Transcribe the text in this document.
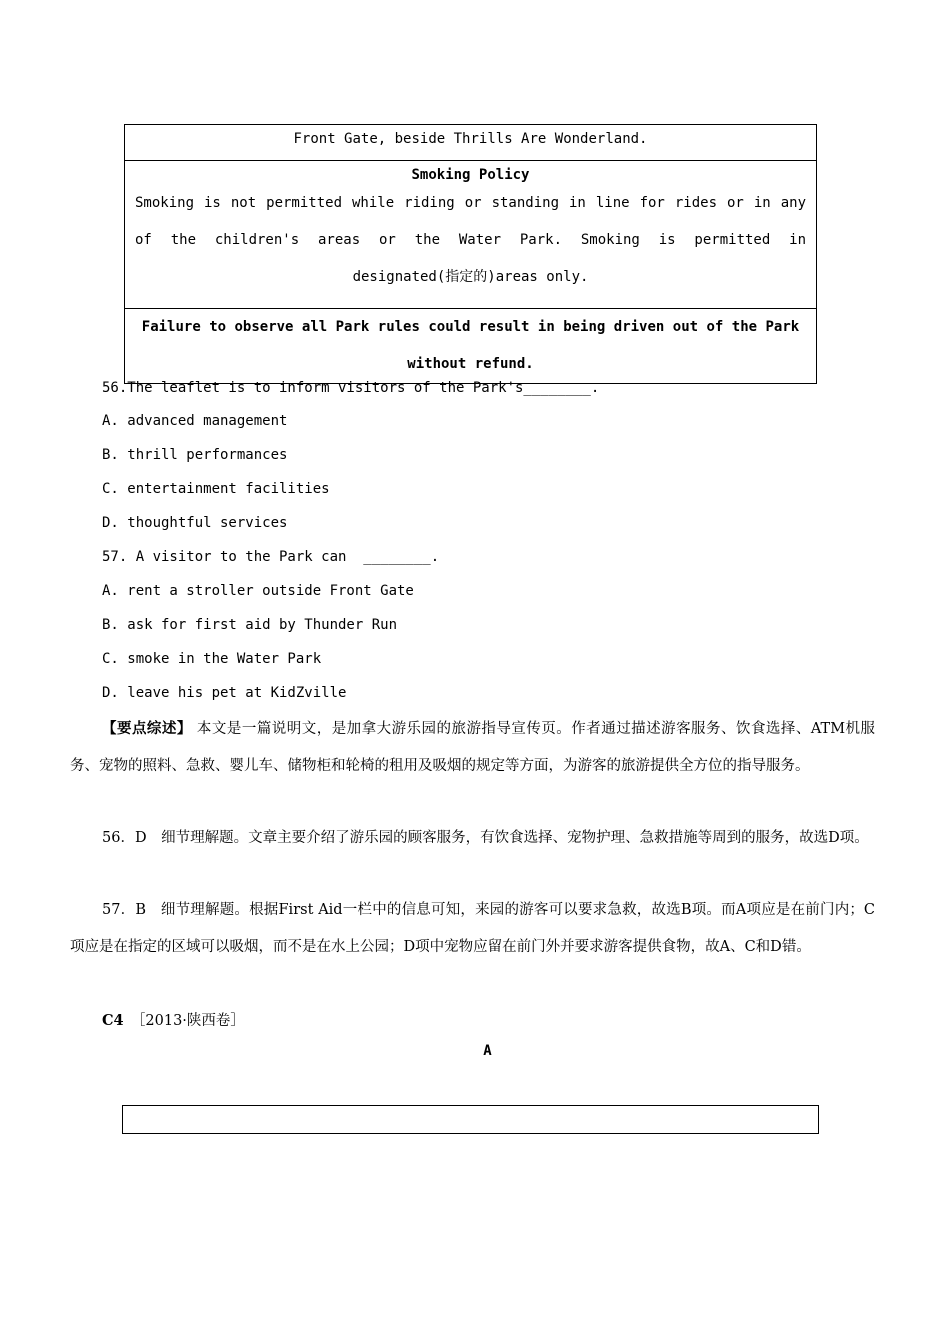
Front Gate, beside Thrills Are Wonderland.
Smoking Policy
Smoking is not permitted while riding or standing in line for rides or in any of the children's areas or the Water Park. Smoking is permitted in designated(指定的)areas only.
Failure to observe all Park rules could result in being driven out of the Park without refund.
56.The leaflet is to inform visitors of the Park's________.
A. advanced management
B. thrill performances
C. entertainment facilities
D. thoughtful services
57. A visitor to the Park can  ________.
A. rent a stroller outside Front Gate
B. ask for first aid by Thunder Run
C. smoke in the Water Park
D. leave his pet at KidZville
【要点综述】 本文是一篇说明文，是加拿大游乐园的旅游指导宣传页。作者通过描述游客服务、饮食选择、ATM机服务、宠物的照料、急救、婴儿车、储物柜和轮椅的租用及吸烟的规定等方面，为游客的旅游提供全方位的指导服务。
56．D　细节理解题。文章主要介绍了游乐园的顾客服务，有饮食选择、宠物护理、急救措施等周到的服务，故选D项。
57．B　细节理解题。根据First Aid一栏中的信息可知，来园的游客可以要求急救，故选B项。而A项应是在前门内；C项应是在指定的区域可以吸烟，而不是在水上公园；D项中宠物应留在前门外并要求游客提供食物，故A、C和D错。
C4　 ［2013·陕西卷］
A
